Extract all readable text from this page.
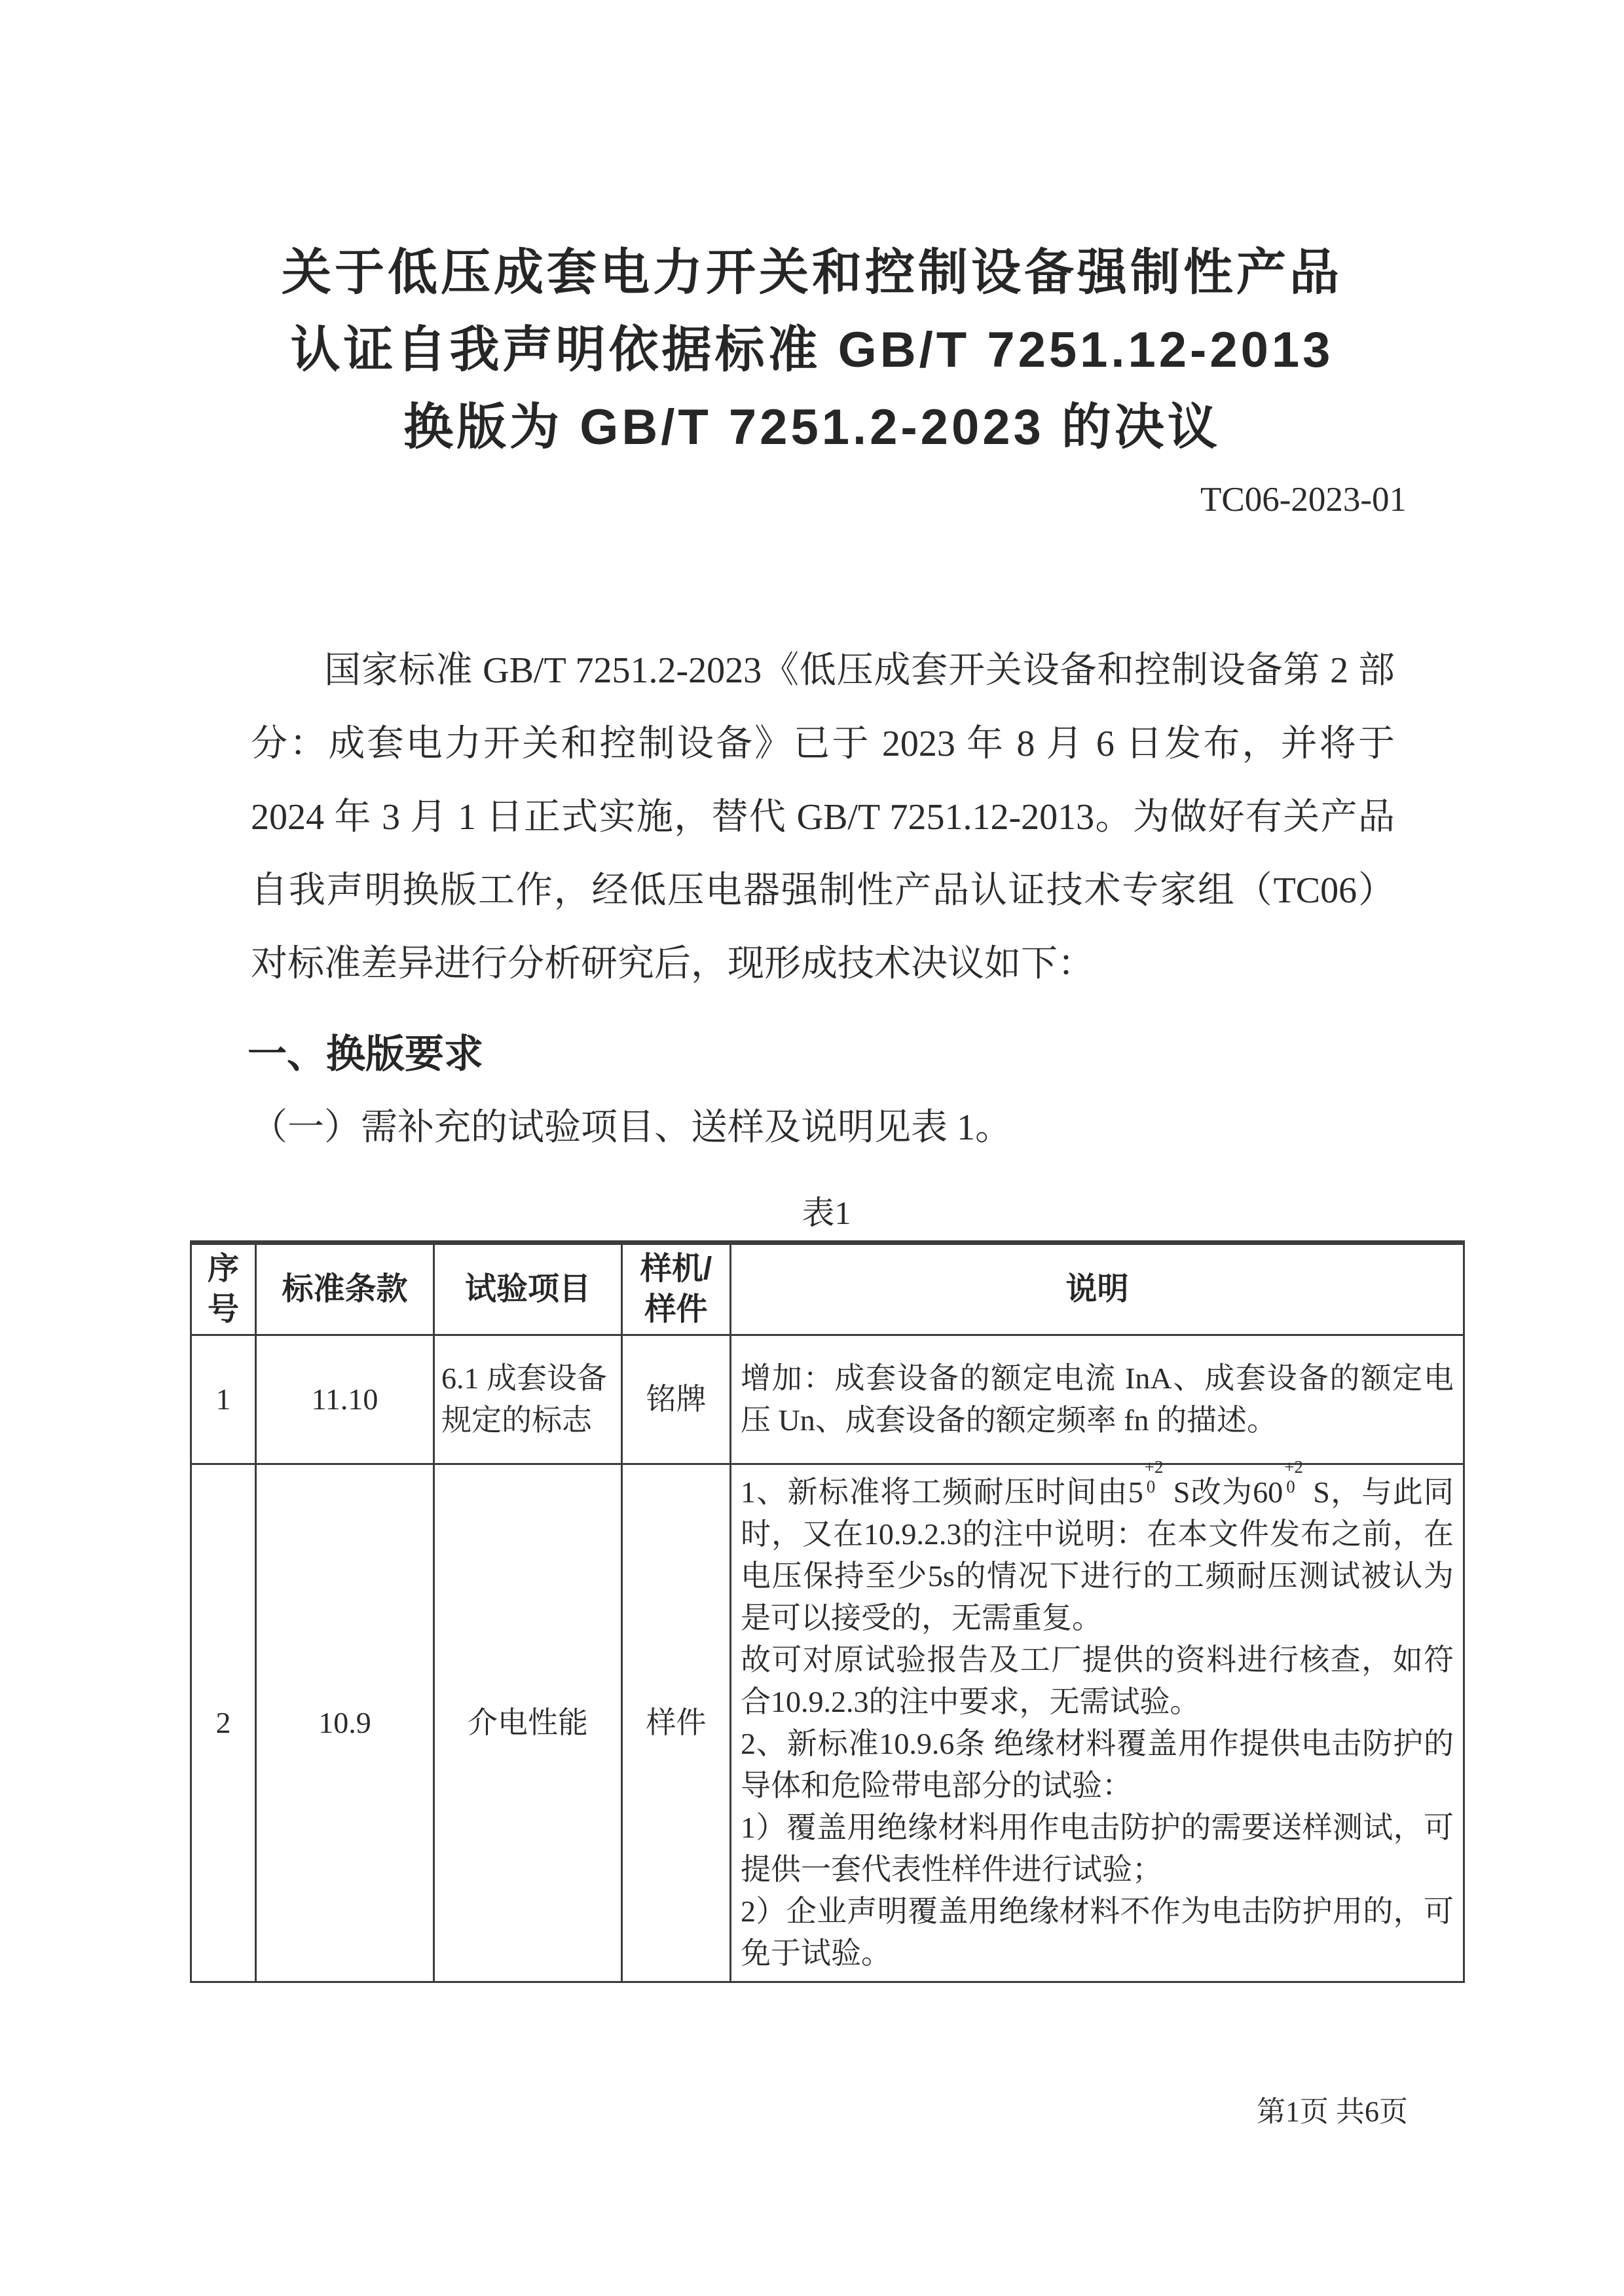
关于低压成套电力开关和控制设备强制性产品
认证自我声明依据标准 GB/T 7251.12-2013
换版为 GB/T 7251.2-2023 的决议
TC06-2023-01

国家标准 GB/T 7251.2-2023《低压成套开关设备和控制设备第 2 部分：成套电力开关和控制设备》已于 2023 年 8 月 6 日发布，并将于 2024 年 3 月 1 日正式实施，替代 GB/T 7251.12-2013。为做好有关产品自我声明换版工作，经低压电器强制性产品认证技术专家组（TC06）对标准差异进行分析研究后，现形成技术决议如下：

一、换版要求
（一）需补充的试验项目、送样及说明见表 1。
表1
序号	标准条款	试验项目	样机/样件	说明
1	11.10	6.1 成套设备规定的标志	铭牌	增加：成套设备的额定电流 InA、成套设备的额定电压 Un、成套设备的额定频率 fn 的描述。

2	10.9	介电性能	样件	

1、新标准将工频耐压时间由5
+2
0 S改为60
+2
0 S，与此同时，又在10.9.2.3的注中说明：在本文件发布之前，在电压保持至少5s的情况下进行的工频耐压测试被认为是可以接受的，无需重复。

故可对原试验报告及工厂提供的资料进行核查，如符合10.9.2.3的注中要求，无需试验。

2、新标准10.9.6条 绝缘材料覆盖用作提供电击防护的导体和危险带电部分的试验：

1）覆盖用绝缘材料用作电击防护的需要送样测试，可提供一套代表性样件进行试验；

2）企业声明覆盖用绝缘材料不作为电击防护用的，可免于试验。

第1页 共6页
